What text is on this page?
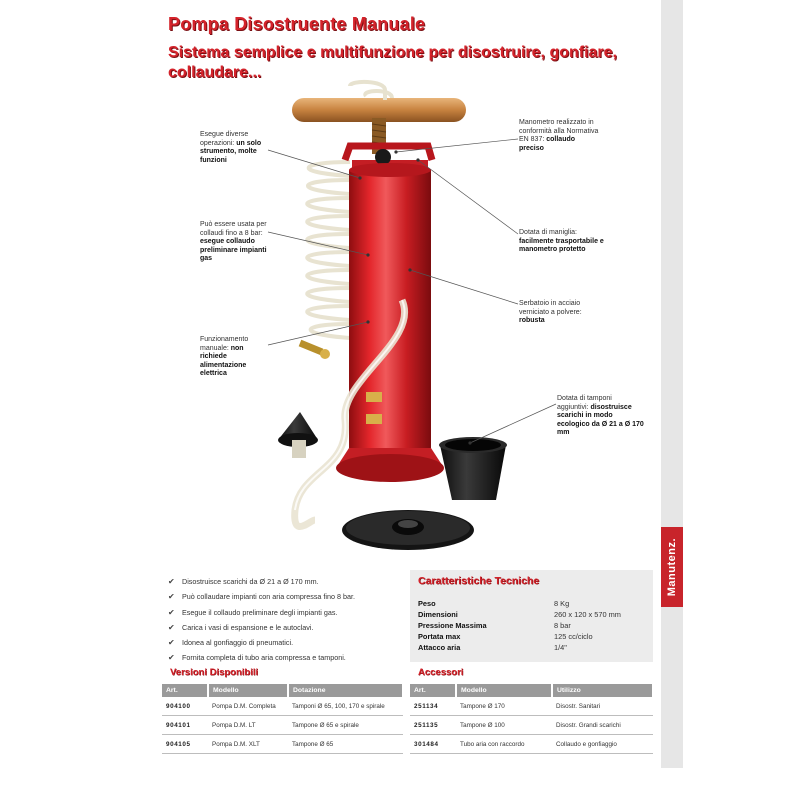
Manutenz.
Pompa Disostruente Manuale
Sistema semplice e multifunzione per disostruire, gonfiare, collaudare...
Esegue diverse operazioni: un solo strumento, molte funzioni
Può essere usata per collaudi fino a 8 bar: esegue collaudo preliminare impianti gas
Funzionamento manuale: non richiede alimentazione elettrica
Manometro realizzato in conformità alla Normativa EN 837: collaudo preciso
Dotata di maniglia: facilmente trasportabile e manometro protetto
Serbatoio in acciaio verniciato a polvere: robusta
Dotata di tamponi aggiuntivi: disostruisce scarichi in modo ecologico da Ø 21 a Ø 170 mm
✔ Disostruisce scarichi da Ø 21 a Ø 170 mm.
✔ Può collaudare impianti con aria compressa fino 8 bar.
✔ Esegue il collaudo preliminare degli impianti gas.
✔ Carica i vasi di espansione e le autoclavi.
✔ Idonea al gonfiaggio di pneumatici.
✔ Fornita completa di tubo aria compressa e tamponi.
Caratteristiche Tecniche
Peso	8 Kg
Dimensioni	260 x 120 x 570 mm
Pressione Massima	8 bar
Portata max	125 cc/ciclo
Attacco aria	1/4"
Versioni Disponibili
Art.	Modello	Dotazione
904100	Pompa D.M. Completa	Tamponi Ø 65, 100, 170 e spirale
904101	Pompa D.M. LT	Tampone Ø 65 e spirale
904105	Pompa D.M. XLT	Tampone Ø 65
Accessori
Art.	Modello	Utilizzo
251134	Tampone Ø 170	Disostr. Sanitari
251135	Tampone Ø 100	Disostr. Grandi scarichi
301484	Tubo aria con raccordo	Collaudo e gonfiaggio
